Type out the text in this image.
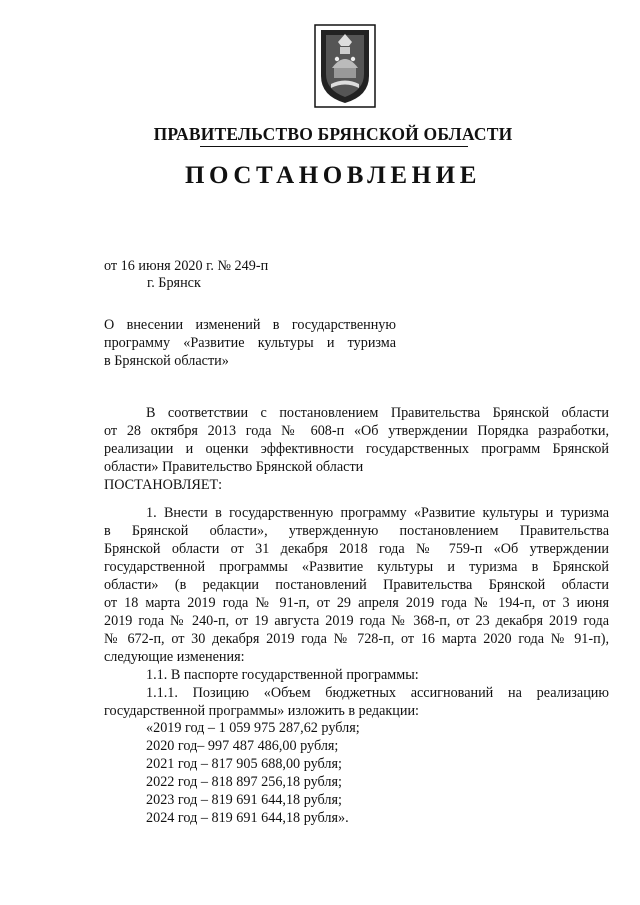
ПРАВИТЕЛЬСТВО БРЯНСКОЙ ОБЛАСТИ
ПОСТАНОВЛЕНИЕ
от 16 июня 2020 г. № 249-п
г. Брянск
О внесении изменений в государственную
программу «Развитие культуры и туризма
в Брянской области»
В соответствии с постановлением Правительства Брянской области
от 28 октября 2013 года № 608-п «Об утверждении Порядка разработки,
реализации и оценки эффективности государственных программ Брянской
области» Правительство Брянской области
ПОСТАНОВЛЯЕТ:
1. Внести в государственную программу «Развитие культуры и туризма
в Брянской области», утвержденную постановлением Правительства
Брянской области от 31 декабря 2018 года № 759-п «Об утверждении
государственной программы «Развитие культуры и туризма в Брянской
области» (в редакции постановлений Правительства Брянской области
от 18 марта 2019 года № 91-п, от 29 апреля 2019 года № 194-п, от 3 июня
2019 года № 240-п, от 19 августа 2019 года № 368-п, от 23 декабря 2019 года
№ 672-п, от 30 декабря 2019 года № 728-п, от 16 марта 2020 года № 91-п),
следующие изменения:
1.1. В паспорте государственной программы:
1.1.1. Позицию «Объем бюджетных ассигнований на реализацию
государственной программы» изложить в редакции:
«2019 год – 1 059 975 287,62 рубля;
2020 год– 997 487 486,00 рубля;
2021 год – 817 905 688,00 рубля;
2022 год – 818 897 256,18 рубля;
2023 год – 819 691 644,18 рубля;
2024 год – 819 691 644,18 рубля».
